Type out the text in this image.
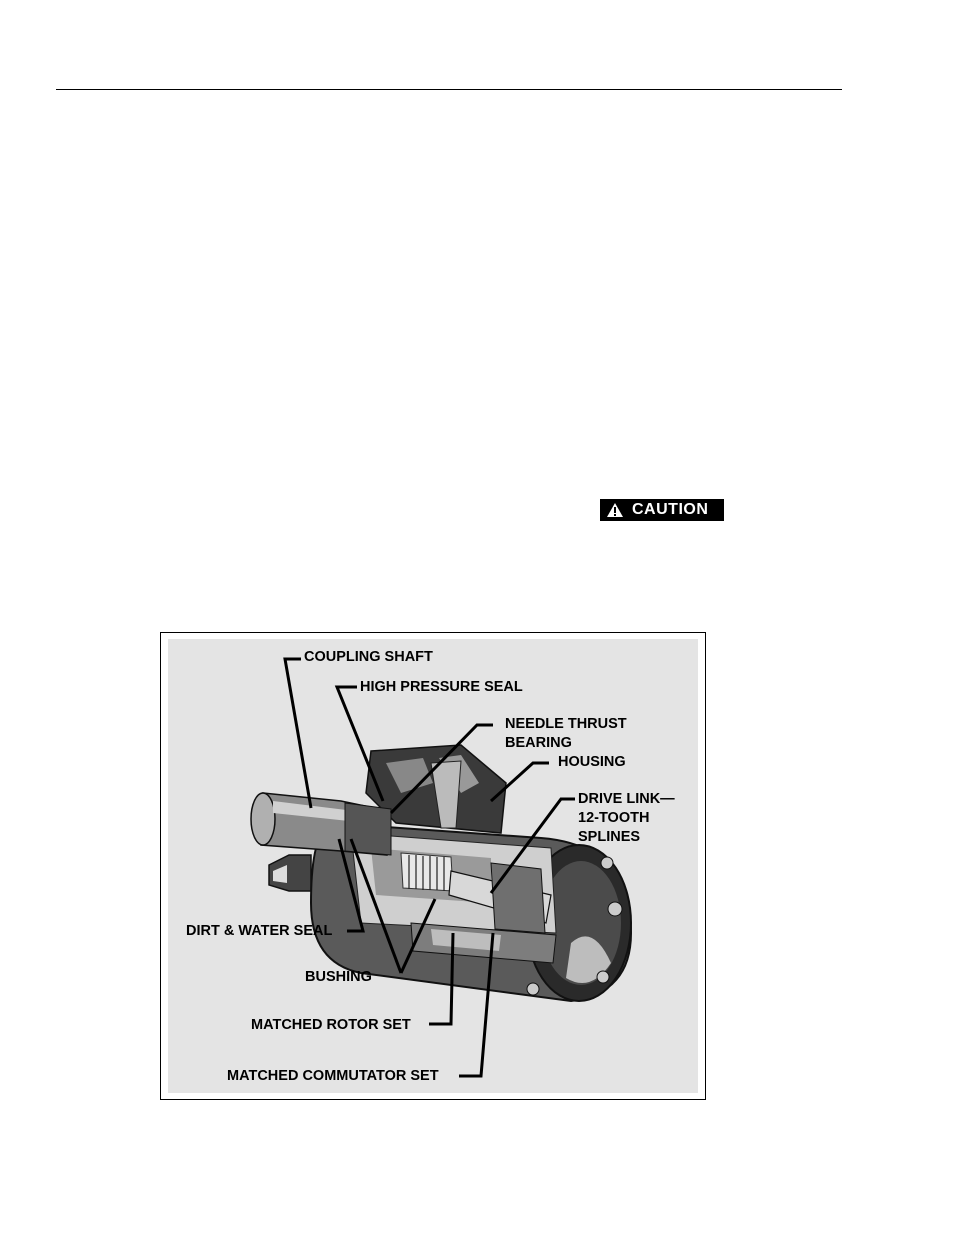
CAUTION
COUPLING SHAFT
HIGH PRESSURE SEAL
NEEDLE THRUST
BEARING
HOUSING
DRIVE LINK—
12-TOOTH
SPLINES
DIRT & WATER SEAL
BUSHING
MATCHED ROTOR SET
MATCHED COMMUTATOR SET
